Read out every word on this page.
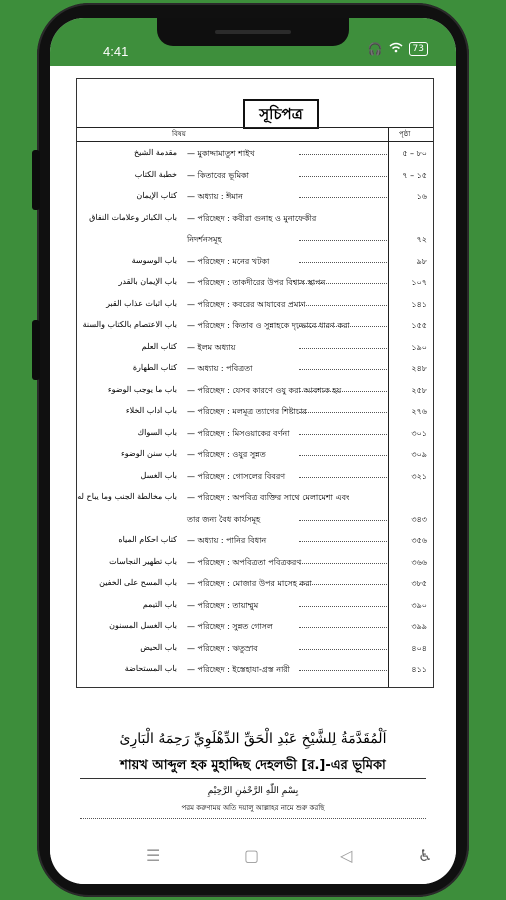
4:41	🎧	73
সূচিপত্র
বিষয়	পৃষ্ঠা
مقدمة الشيخ — মুকাদ্দামাতুশ শাইখ	৫ – ৮০
خطبة الكتاب — কিতাবের ভূমিকা	৭ – ১৫
كتاب الإيمان — অধ্যায় : ঈমান	১৬
باب الكبائر وعلامات النفاق — পরিচ্ছেদ : কবীরা গুনাহ ও মুনাফেকীর
নিদর্শনসমূহ	৭২
باب الوسوسة — পরিচ্ছেদ : মনের খটকা	৯৮
باب الإيمان بالقدر — পরিচ্ছেদ : তাকদীরের উপর বিশ্বাস স্থাপন	১০৭
باب اثبات عذاب القبر — পরিচ্ছেদ : কবরের আযাবের প্রমাণ	১৪১
باب الاعتصام بالكتاب والسنة — পরিচ্ছেদ : কিতাব ও সুন্নাহকে দৃঢ়ভাবে ধারণ করা	১৫৫
كتاب العلم — ইলম অধ্যায়	১৯০
كتاب الطهارة — অধ্যায় : পবিত্রতা	২৪৮
باب ما يوجب الوضوء — পরিচ্ছেদ : যেসব কারণে ওযু করা আবশ্যক হয়	২৫৮
باب اداب الخلاء — পরিচ্ছেদ : মলমূত্র ত্যাগের শিষ্টাচার	২৭৬
باب السواك — পরিচ্ছেদ : মিসওয়াকের বর্ণনা	৩০১
باب سنن الوضوء — পরিচ্ছেদ : ওযুর সুন্নত	৩০৯
باب الغسل — পরিচ্ছেদ : গোসলের বিবরণ	৩২১
باب مخالطة الجنب وما يباح له — পরিচ্ছেদ : অপবিত্র ব্যক্তির সাথে মেলামেশা এবং
তার জন্য বৈধ কার্যসমূহ	৩৪৩
كتاب احكام المياه — অধ্যায় : পানির বিধান	৩৫৬
باب تطهير النجاسات — পরিচ্ছেদ : অপবিত্রতা পবিত্রকরণ	৩৬৬
باب المسح على الخفين — পরিচ্ছেদ : মোজার উপর মাসেহ করা	৩৮৫
باب التيمم — পরিচ্ছেদ : তায়াম্মুম	৩৯০
باب الغسل المسنون — পরিচ্ছেদ : সুন্নত গোসল	৩৯৯
باب الحيض — পরিচ্ছেদ : ঋতুস্রাব	৪০৪
باب المستحاضة — পরিচ্ছেদ : ইস্তেহাযা-গ্রস্ত নারী	৪১১
اَلْمُقَدَّمَةُ لِلشَّيْخِ عَبْدِ الْحَقِّ الدِّهْلَوِيِّ رَحِمَهُ الْبَارِئ
শায়খ আব্দুল হক মুহাদ্দিছ দেহলভী [র.]-এর ভূমিকা
بِسْمِ اللّٰهِ الرَّحْمٰنِ الرَّحِيْمِ
পরম করুণাময় অতি দয়ালু আল্লাহর নামে শুরু করছি
☰	▢	◁	♿
